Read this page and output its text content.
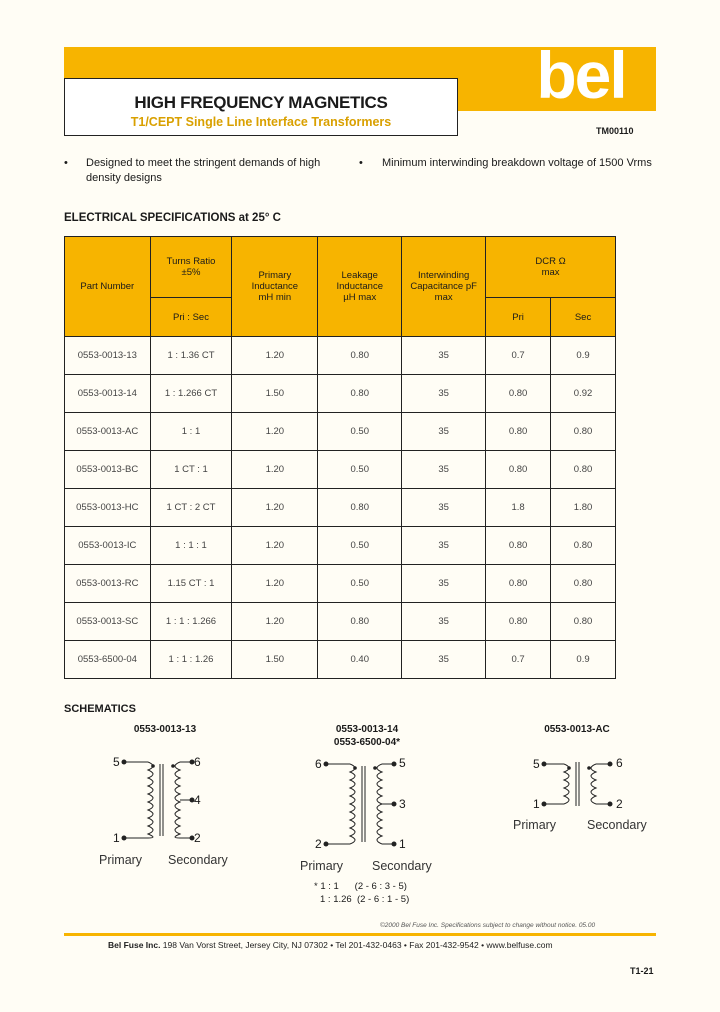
bel
HIGH FREQUENCY MAGNETICS
T1/CEPT Single Line Interface Transformers
TM00110
• Designed to meet the stringent demands of high density designs
• Minimum interwinding breakdown voltage of 1500 Vrms
ELECTRICAL SPECIFICATIONS at 25° C
Part Number	Turns Ratio ±5%	Primary Inductance mH min	Leakage Inductance µH max	Interwinding Capacitance pF max	DCR Ω max	
	Pri : Sec				Pri	Sec
0553-0013-13	1 : 1.36 CT	1.20	0.80	35	0.7	0.9
0553-0013-14	1 : 1.266 CT	1.50	0.80	35	0.80	0.92
0553-0013-AC	1 : 1	1.20	0.50	35	0.80	0.80
0553-0013-BC	1 CT : 1	1.20	0.50	35	0.80	0.80
0553-0013-HC	1 CT : 2 CT	1.20	0.80	35	1.8	1.80
0553-0013-IC	1 : 1 : 1	1.20	0.50	35	0.80	0.80
0553-0013-RC	1.15 CT : 1	1.20	0.50	35	0.80	0.80
0553-0013-SC	1 : 1 : 1.266	1.20	0.80	35	0.80	0.80
0553-6500-04	1 : 1 : 1.26	1.50	0.40	35	0.7	0.9
SCHEMATICS
0553-0013-13
5
1
6
4
2
Primary Secondary
0553-0013-14
0553-6500-04*
6
2
5
3
1
Primary Secondary
* 1 : 1      (2 - 6 : 3 - 5)
1 : 1.26  (2 - 6 : 1 - 5)
0553-0013-AC
5
1
6
2
Primary Secondary
©2000 Bel Fuse Inc. Specifications subject to change without notice. 05.00
Bel Fuse Inc. 198 Van Vorst Street, Jersey City, NJ 07302 • Tel 201-432-0463 • Fax 201-432-9542 • www.belfuse.com
T1-21
